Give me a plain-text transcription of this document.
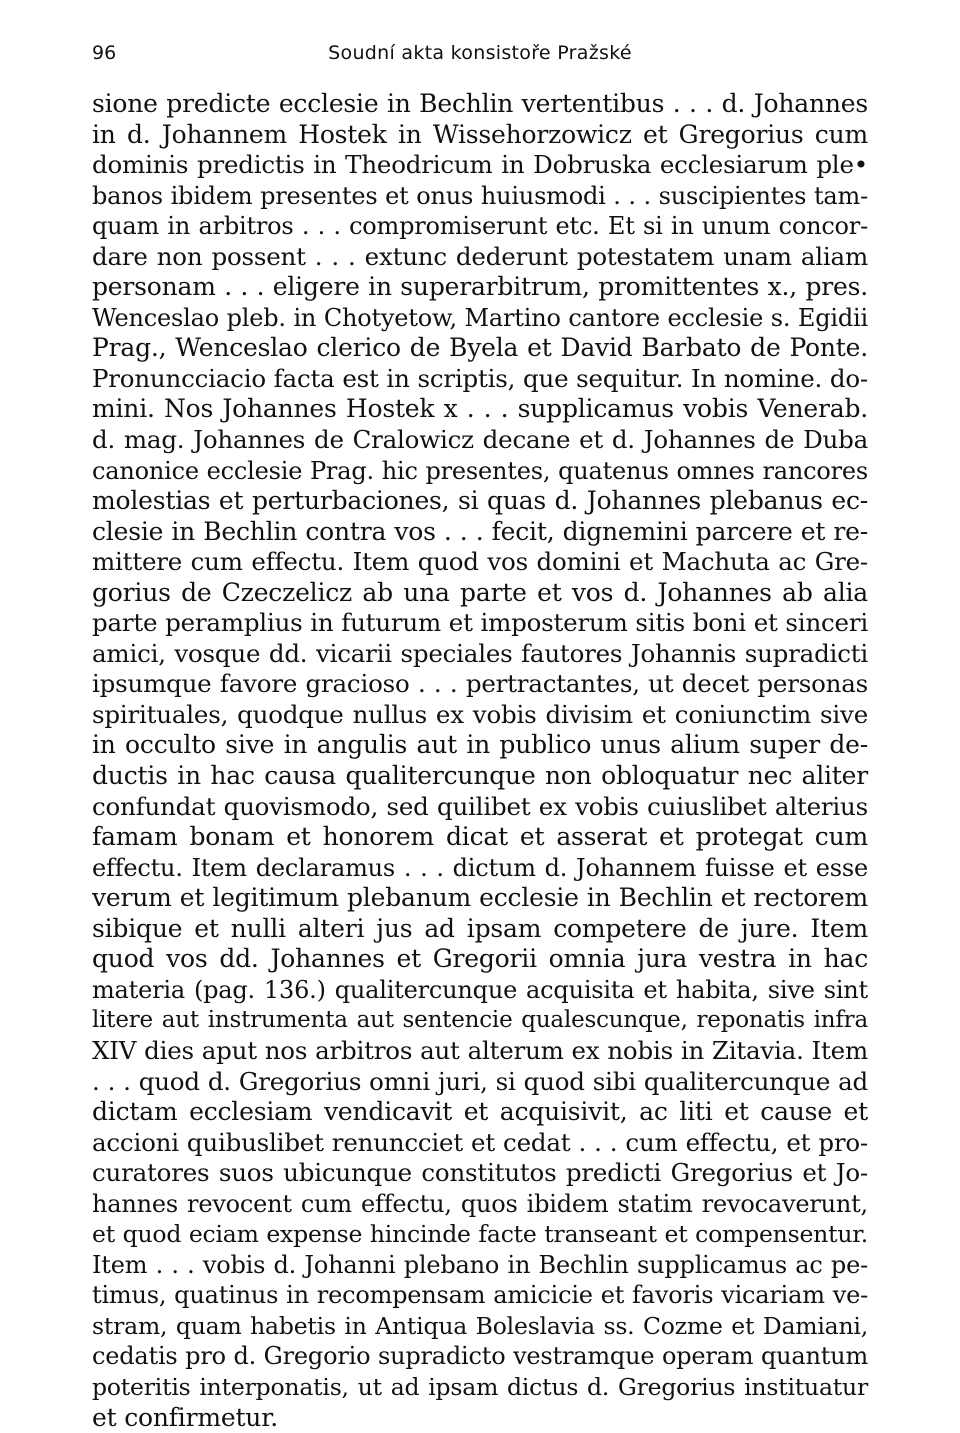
96	Soudní akta konsistoře Pražské
sione predicte ecclesie in Bechlin vertentibus . . . d. Johannes
in d. Johannem Hostek in Wissehorzowicz et Gregorius cum
dominis predictis in Theodricum in Dobruska ecclesiarum ple•
banos ibidem presentes et onus huiusmodi . . . suscipientes tam-
quam in arbitros . . . compromiserunt etc. Et si in unum concor-
dare non possent . . . extunc dederunt potestatem unam aliam
personam . . . eligere in superarbitrum, promittentes x., pres.
Wenceslao pleb. in Chotyetow, Martino cantore ecclesie s. Egidii
Prag., Wenceslao clerico de Byela et David Barbato de Ponte.
Pronuncciacio facta est in scriptis, que sequitur. In nomine. do-
mini. Nos Johannes Hostek x . . . supplicamus vobis Venerab.
d. mag. Johannes de Cralowicz decane et d. Johannes de Duba
canonice ecclesie Prag. hic presentes, quatenus omnes rancores
molestias et perturbaciones, si quas d. Johannes plebanus ec-
clesie in Bechlin contra vos . . . fecit, dignemini parcere et re-
mittere cum effectu. Item quod vos domini et Machuta ac Gre-
gorius de Czeczelicz ab una parte et vos d. Johannes ab alia
parte peramplius in futurum et imposterum sitis boni et sinceri
amici, vosque dd. vicarii speciales fautores Johannis supradicti
ipsumque favore gracioso . . . pertractantes, ut decet personas
spirituales, quodque nullus ex vobis divisim et coniunctim sive
in occulto sive in angulis aut in publico unus alium super de-
ductis in hac causa qualitercunque non obloquatur nec aliter
confundat quovismodo, sed quilibet ex vobis cuiuslibet alterius
famam bonam et honorem dicat et asserat et protegat cum
effectu. Item declaramus . . . dictum d. Johannem fuisse et esse
verum et legitimum plebanum ecclesie in Bechlin et rectorem
sibique et nulli alteri jus ad ipsam competere de jure. Item
quod vos dd. Johannes et Gregorii omnia jura vestra in hac
materia (pag. 136.) qualitercunque acquisita et habita, sive sint
litere aut instrumenta aut sentencie qualescunque, reponatis infra
XIV dies aput nos arbitros aut alterum ex nobis in Zitavia. Item
. . . quod d. Gregorius omni juri, si quod sibi qualitercunque ad
dictam ecclesiam vendicavit et acquisivit, ac liti et cause et
accioni quibuslibet renuncciet et cedat . . . cum effectu, et pro-
curatores suos ubicunque constitutos predicti Gregorius et Jo-
hannes revocent cum effectu, quos ibidem statim revocaverunt,
et quod eciam expense hincinde facte transeant et compensentur.
Item . . . vobis d. Johanni plebano in Bechlin supplicamus ac pe-
timus, quatinus in recompensam amicicie et favoris vicariam ve-
stram, quam habetis in Antiqua Boleslavia ss. Cozme et Damiani,
cedatis pro d. Gregorio supradicto vestramque operam quantum
poteritis interponatis, ut ad ipsam dictus d. Gregorius instituatur
et confirmetur.
